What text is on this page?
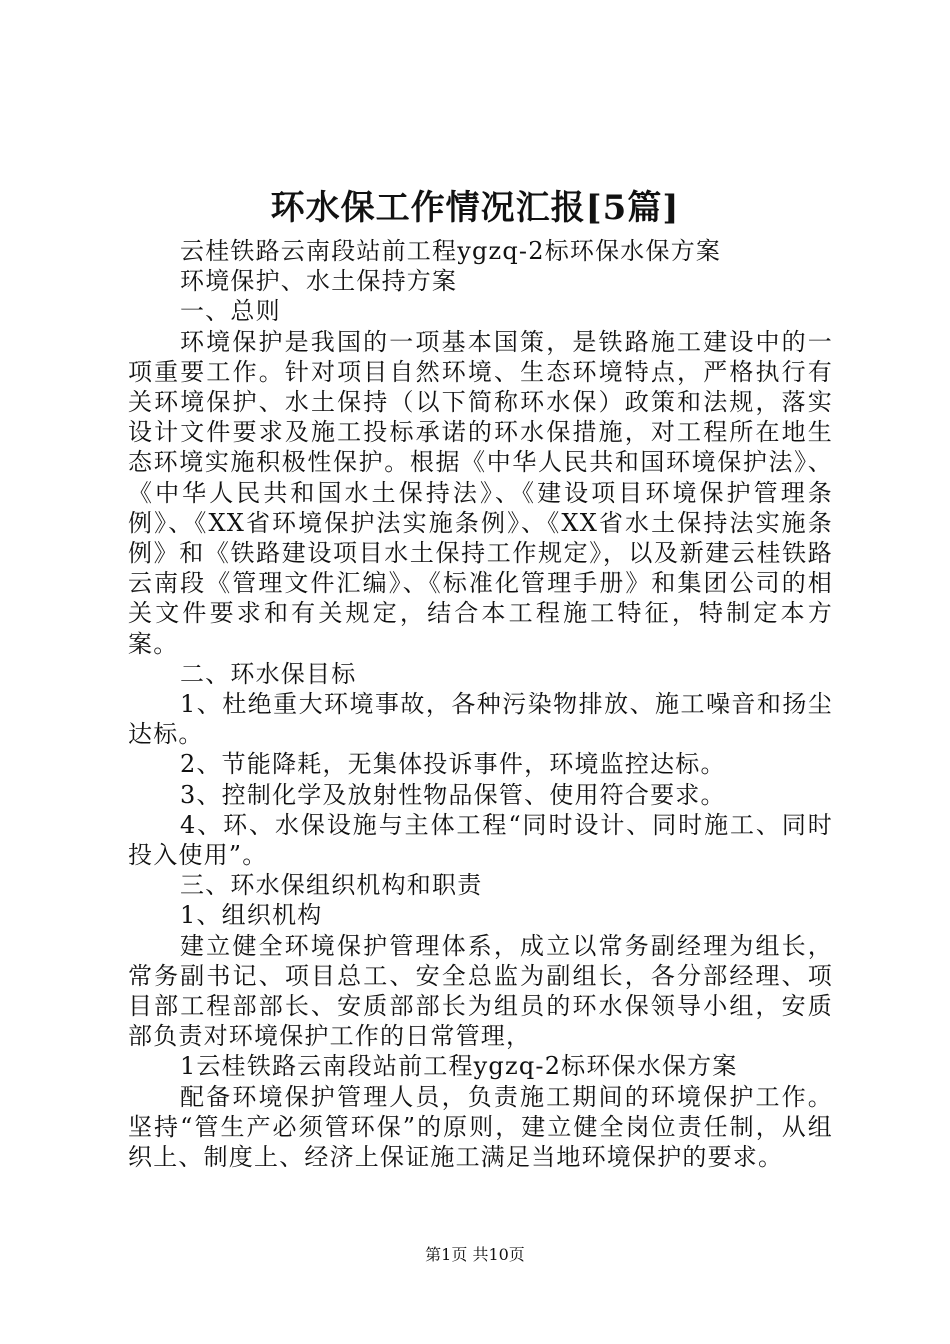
环水保工作情况汇报[5篇]

云桂铁路云南段站前工程ygzq-2标环保水保方案

环境保护、水土保持方案

一、总则

环境保护是我国的一项基本国策，是铁路施工建设中的一项重要工作。针对项目自然环境、生态环境特点，严格执行有关环境保护、水土保持（以下简称环水保）政策和法规，落实设计文件要求及施工投标承诺的环水保措施，对工程所在地生态环境实施积极性保护。根据《中华人民共和国环境保护法》、《中华人民共和国水土保持法》、《建设项目环境保护管理条例》、《XX省环境保护法实施条例》、《XX省水土保持法实施条例》和《铁路建设项目水土保持工作规定》，以及新建云桂铁路云南段《管理文件汇编》、《标准化管理手册》和集团公司的相关文件要求和有关规定，结合本工程施工特征，特制定本方案。

二、环水保目标

1、杜绝重大环境事故，各种污染物排放、施工噪音和扬尘达标。

2、节能降耗，无集体投诉事件，环境监控达标。

3、控制化学及放射性物品保管、使用符合要求。

4、环、水保设施与主体工程“同时设计、同时施工、同时投入使用”。

三、环水保组织机构和职责

1、组织机构

建立健全环境保护管理体系，成立以常务副经理为组长，常务副书记、项目总工、安全总监为副组长，各分部经理、项目部工程部部长、安质部部长为组员的环水保领导小组，安质部负责对环境保护工作的日常管理，

1云桂铁路云南段站前工程ygzq-2标环保水保方案

配备环境保护管理人员，负责施工期间的环境保护工作。坚持“管生产必须管环保”的原则，建立健全岗位责任制，从组织上、制度上、经济上保证施工满足当地环境保护的要求。

第1页 共10页
